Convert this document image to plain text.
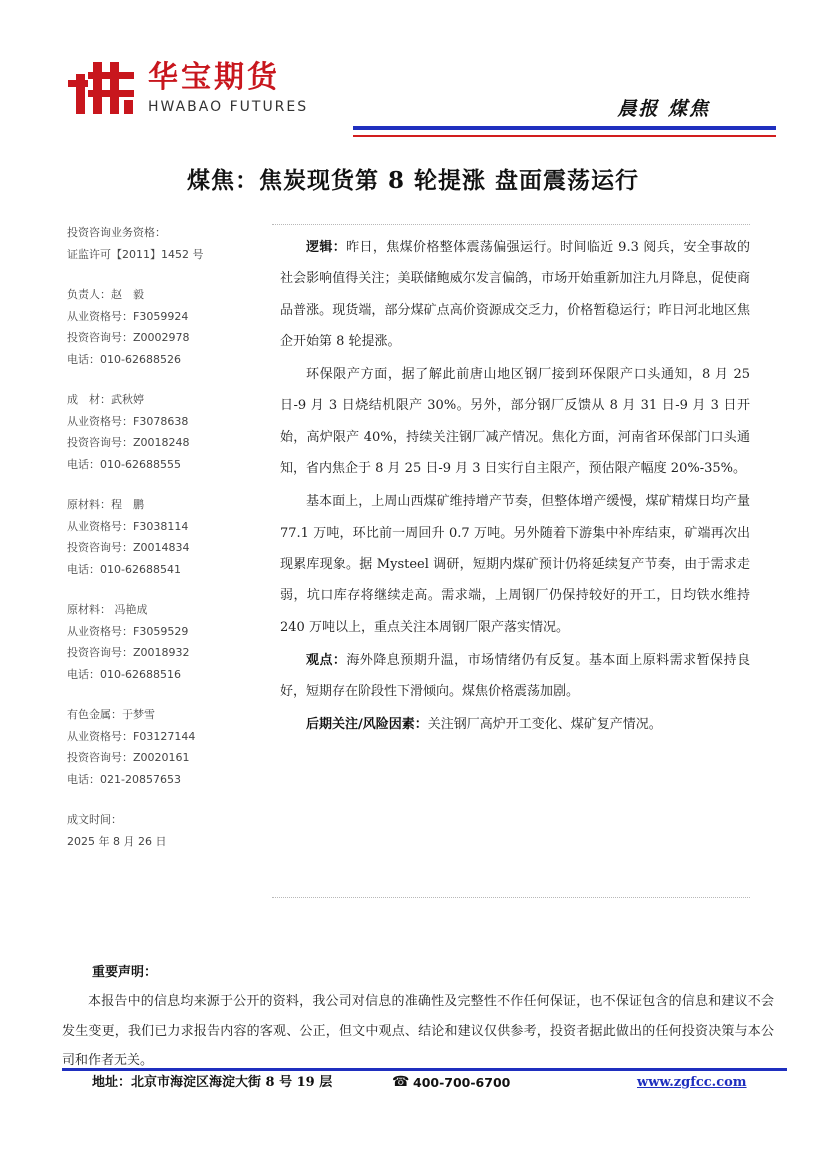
华宝期货
HWABAO FUTURES	晨报 煤焦
煤焦：焦炭现货第 8 轮提涨 盘面震荡运行
投资咨询业务资格：
证监许可【2011】1452 号
负责人：赵　毅
从业资格号：F3059924
投资咨询号：Z0002978
电话：010-62688526
成　材：武秋婷
从业资格号：F3078638
投资咨询号：Z0018248
电话：010-62688555
原材料：程　鹏
从业资格号：F3038114
投资咨询号：Z0014834
电话：010-62688541
原材料： 冯艳成
从业资格号：F3059529
投资咨询号：Z0018932
电话：010-62688516
有色金属：于梦雪
从业资格号：F03127144
投资咨询号：Z0020161
电话：021-20857653
成文时间：
2025 年 8 月 26 日

逻辑：昨日，焦煤价格整体震荡偏强运行。时间临近 9.3 阅兵，安全事故的社会影响值得关注；美联储鲍威尔发言偏鸽，市场开始重新加注九月降息，促使商品普涨。现货端，部分煤矿点高价资源成交乏力，价格暂稳运行；昨日河北地区焦企开始第 8 轮提涨。

环保限产方面，据了解此前唐山地区钢厂接到环保限产口头通知，8 月 25 日-9 月 3 日烧结机限产 30%。另外，部分钢厂反馈从 8 月 31 日-9 月 3 日开始，高炉限产 40%，持续关注钢厂减产情况。焦化方面，河南省环保部门口头通知，省内焦企于 8 月 25 日-9 月 3 日实行自主限产，预估限产幅度 20%-35%。

基本面上，上周山西煤矿维持增产节奏，但整体增产缓慢，煤矿精煤日均产量 77.1 万吨，环比前一周回升 0.7 万吨。另外随着下游集中补库结束，矿端再次出现累库现象。据 Mysteel 调研，短期内煤矿预计仍将延续复产节奏，由于需求走弱，坑口库存将继续走高。需求端，上周钢厂仍保持较好的开工，日均铁水维持 240 万吨以上，重点关注本周钢厂限产落实情况。

观点：海外降息预期升温，市场情绪仍有反复。基本面上原料需求暂保持良好，短期存在阶段性下滑倾向。煤焦价格震荡加剧。

后期关注/风险因素：关注钢厂高炉开工变化、煤矿复产情况。

重要声明：
本报告中的信息均来源于公开的资料，我公司对信息的准确性及完整性不作任何保证，也不保证包含的信息和建议不会发生变更，我们已力求报告内容的客观、公正，但文中观点、结论和建议仅供参考，投资者据此做出的任何投资决策与本公司和作者无关。
地址：北京市海淀区海淀大街 8 号 19 层	☎ 400-700-6700	www.zgfcc.com
